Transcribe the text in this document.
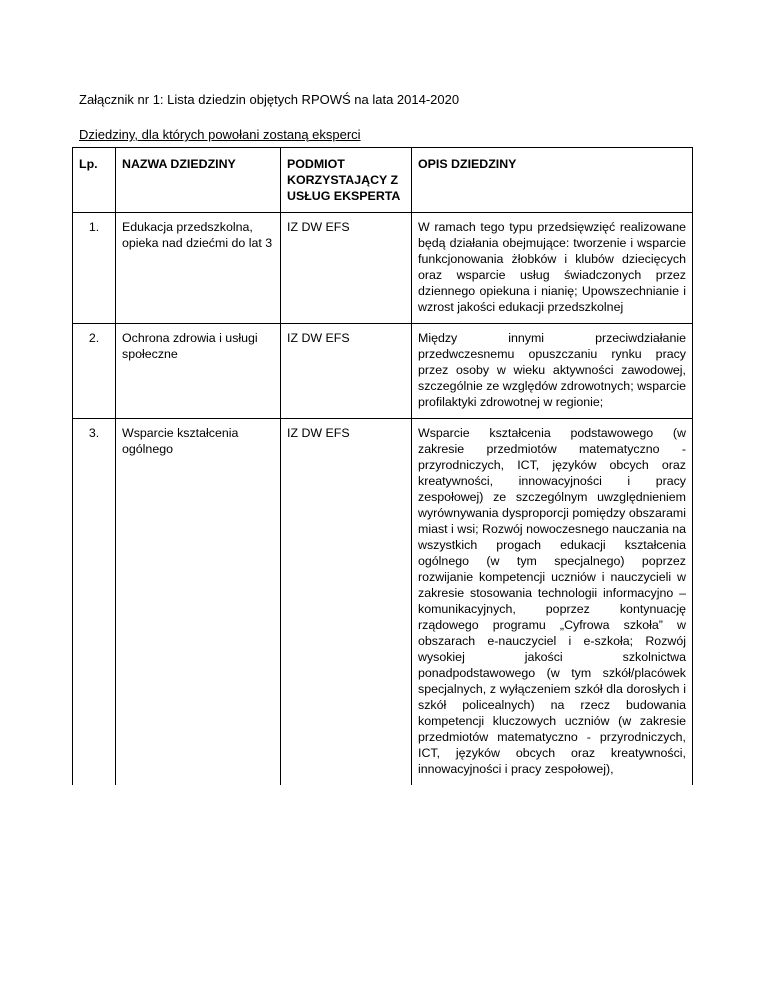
Załącznik nr 1: Lista dziedzin objętych RPOWŚ na lata 2014-2020
Dziedziny, dla których powołani zostaną eksperci
Lp.	NAZWA DZIEDZINY	PODMIOT KORZYSTAJĄCY Z USŁUG EKSPERTA	OPIS DZIEDZINY
1.	Edukacja przedszkolna, opieka nad dziećmi do lat 3	IZ DW EFS	W ramach tego typu przedsięwzięć realizowane będą działania obejmujące: tworzenie i wsparcie funkcjonowania żłobków i klubów dziecięcych oraz wsparcie usług świadczonych przez dziennego opiekuna i nianię; Upowszechnianie i wzrost jakości edukacji przedszkolnej
2.	Ochrona zdrowia i usługi społeczne	IZ DW EFS	Między innymi przeciwdziałanie przedwczesnemu opuszczaniu rynku pracy przez osoby w wieku aktywności zawodowej, szczególnie ze względów zdrowotnych; wsparcie profilaktyki zdrowotnej w regionie;
3.	Wsparcie kształcenia ogólnego	IZ DW EFS	Wsparcie kształcenia podstawowego (w zakresie przedmiotów matematyczno - przyrodniczych, ICT, języków obcych oraz kreatywności, innowacyjności i pracy zespołowej) ze szczególnym uwzględnieniem wyrównywania dysproporcji pomiędzy obszarami miast i wsi; Rozwój nowoczesnego nauczania na wszystkich progach edukacji kształcenia ogólnego (w tym specjalnego) poprzez rozwijanie kompetencji uczniów i nauczycieli w zakresie stosowania technologii informacyjno – komunikacyjnych, poprzez kontynuację rządowego programu „Cyfrowa szkoła” w obszarach e-nauczyciel i e-szkoła; Rozwój wysokiej jakości szkolnictwa ponadpodstawowego (w tym szkół/placówek specjalnych, z wyłączeniem szkół dla dorosłych i szkół policealnych) na rzecz budowania kompetencji kluczowych uczniów (w zakresie przedmiotów matematyczno - przyrodniczych, ICT, języków obcych oraz kreatywności, innowacyjności i pracy zespołowej),
